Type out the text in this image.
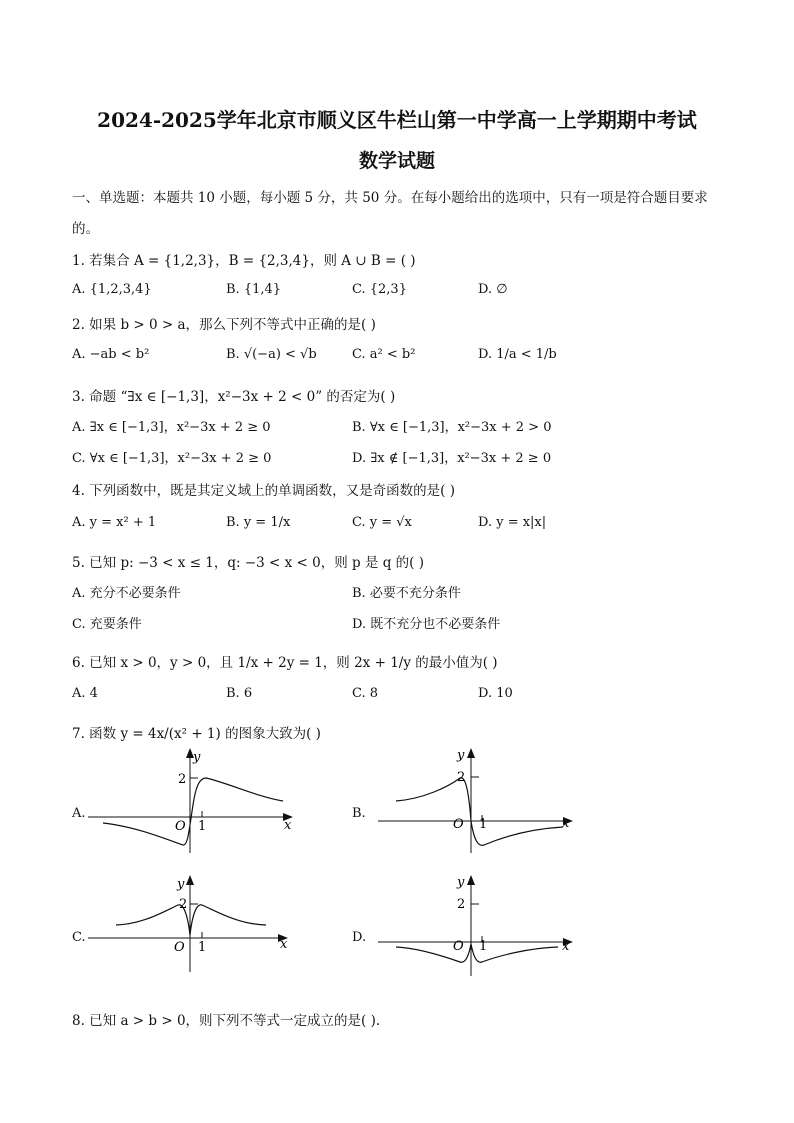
2024-2025学年北京市顺义区牛栏山第一中学高一上学期期中考试
数学试题
一、单选题：本题共 10 小题，每小题 5 分，共 50 分。在每小题给出的选项中，只有一项是符合题目要求
的。
1. 若集合 A = {1,2,3}，B = {2,3,4}，则 A ∪ B = ( )
A. {1,2,3,4}	B. {1,4}	C. {2,3}	D. ∅
2. 如果 b > 0 > a，那么下列不等式中正确的是( )
A. −ab < b²	B. √(−a) < √b	C. a² < b²	D. 1/a < 1/b
3. 命题 “∃x ∈ [−1,3]，x²−3x + 2 < 0” 的否定为( )
A. ∃x ∈ [−1,3]，x²−3x + 2 ≥ 0	B. ∀x ∈ [−1,3]，x²−3x + 2 > 0
C. ∀x ∈ [−1,3]，x²−3x + 2 ≥ 0	D. ∃x ∉ [−1,3]，x²−3x + 2 ≥ 0
4. 下列函数中，既是其定义域上的单调函数，又是奇函数的是( )
A. y = x² + 1	B. y = 1/x	C. y = √x	D. y = x|x|
5. 已知 p: −3 < x ≤ 1，q: −3 < x < 0，则 p 是 q 的( )
A. 充分不必要条件	B. 必要不充分条件
C. 充要条件	D. 既不充分也不必要条件
6. 已知 x > 0，y > 0，且 1/x + 2y = 1，则 2x + 1/y 的最小值为( )
A. 4	B. 6	C. 8	D. 10
7. 函数 y = 4x/(x² + 1) 的图象大致为( )
A.	B.
C.	D.
y
x
O
2
1
y
x
O
2
1
y
x
O
2
1
y
x
O
2
1
8. 已知 a > b > 0，则下列不等式一定成立的是( ).
